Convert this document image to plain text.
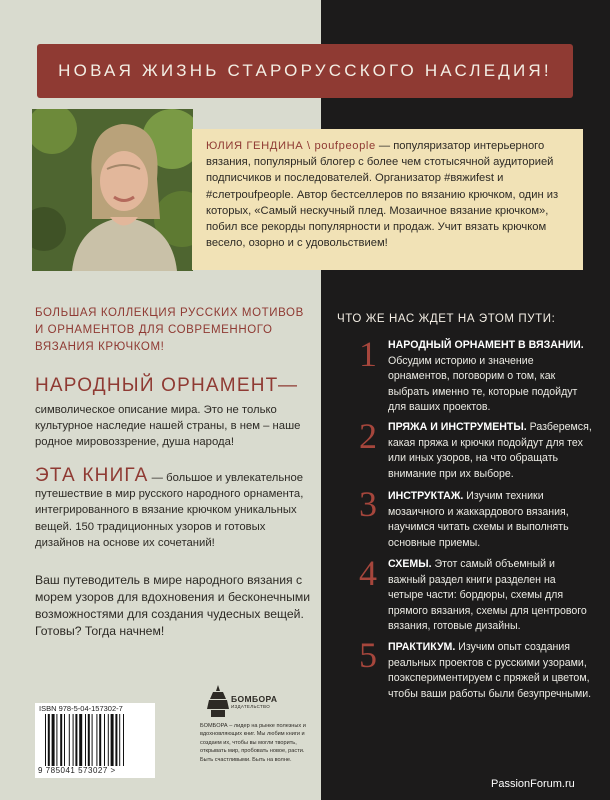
НОВАЯ ЖИЗНЬ СТАРОРУССКОГО НАСЛЕДИЯ!

ЮЛИЯ ГЕНДИНА \ poufpeople — популяризатор интерьерного вязания, популярный блогер с более чем стотысячной аудиторией подписчиков и последователей. Организатор #вяжиfest и #слетpoufpeople. Автор бестселлеров по вязанию крючком, один из которых, «Самый нескучный плед. Мозаичное вязание крючком», побил все рекорды популярности и продаж. Учит вязать крючком весело, озорно и с удовольствием!

БОЛЬШАЯ КОЛЛЕКЦИЯ РУССКИХ МОТИВОВ И ОРНАМЕНТОВ ДЛЯ СОВРЕМЕННОГО ВЯЗАНИЯ КРЮЧКОМ!
НАРОДНЫЙ ОРНАМЕНТ—
символическое описание мира. Это не только культурное наследие нашей страны, в нем – наше родное мировоззрение, душа народа!
ЭТА КНИГА — большое и увлекательное путешествие в мир русского народного орнамента, интегрированного в вязание крючком уникальных вещей. 150 традиционных узоров и готовых дизайнов на основе их сочетаний!
Ваш путеводитель в мире народного вязания с морем узоров для вдохновения и бесконечными возможностями для создания чудесных вещей. Готовы? Тогда начнем!
ISBN 978-5-04-157302-7
9 785041 573027 >
БОМБОРА
ИЗДАТЕЛЬСТВО
БОМБОРА – лидер на рынке полезных и вдохновляющих книг. Мы любим книги и создаем их, чтобы вы могли творить, открывать мир, пробовать новое, расти. Быть счастливыми. Быть на волне.
ЧТО ЖЕ НАС ЖДЕТ НА ЭТОМ ПУТИ:
1 НАРОДНЫЙ ОРНАМЕНТ В ВЯЗАНИИ. Обсудим историю и значение орнаментов, поговорим о том, как выбрать именно те, которые подойдут для ваших проектов.
2 ПРЯЖА И ИНСТРУМЕНТЫ. Разберемся, какая пряжа и крючки подойдут для тех или иных узоров, на что обращать внимание при их выборе.
3 ИНСТРУКТАЖ. Изучим техники мозаичного и жаккардового вязания, научимся читать схемы и выполнять основные приемы.
4 СХЕМЫ. Этот самый объемный и важный раздел книги разделен на четыре части: бордюры, схемы для прямого вязания, схемы для центрового вязания, готовые дизайны.
5 ПРАКТИКУМ. Изучим опыт создания реальных проектов с русскими узорами, поэкспериментируем с пряжей и цветом, чтобы ваши работы были безупречными.
PassionForum.ru
